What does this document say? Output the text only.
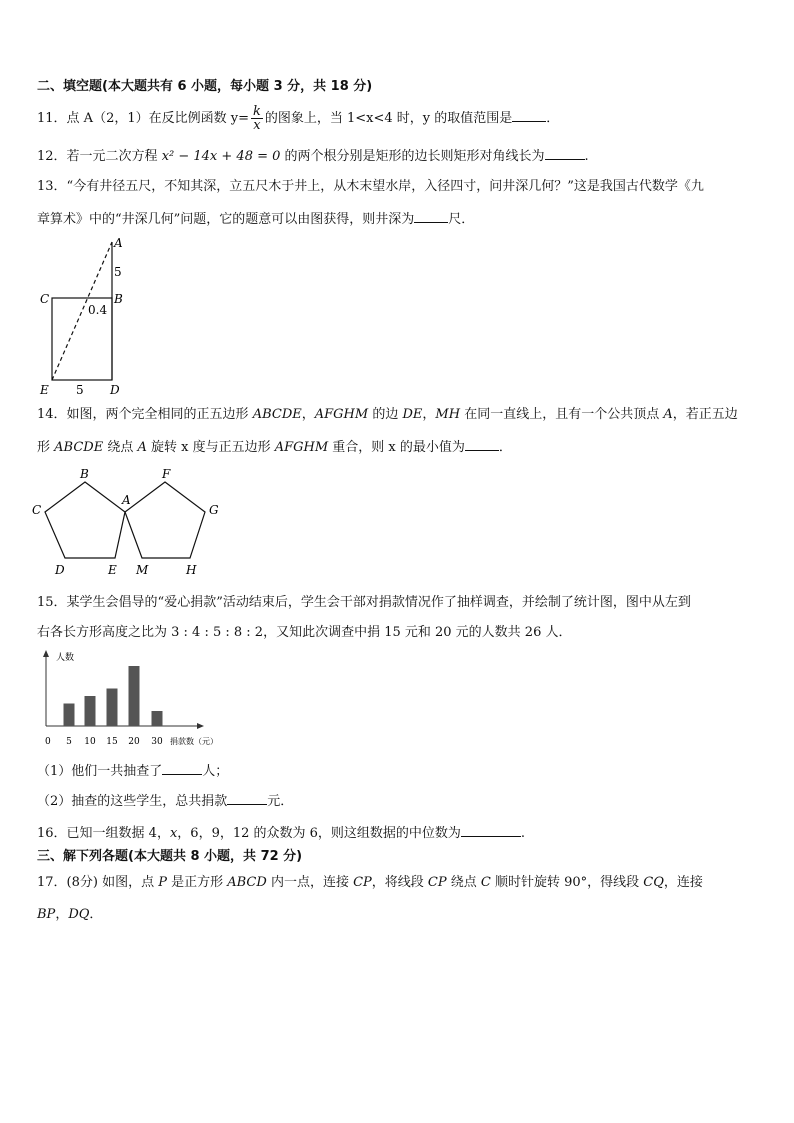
二、填空题(本大题共有 6 小题，每小题 3 分，共 18 分)
11．点 A（2，1）在反比例函数 $y= \frac{k}{x}$ 的图象上，当 1<x<4 时，y 的取值范围是	．
12．若一元二次方程 x² − 14x + 48 = 0 的两个根分别是矩形的边长则矩形对角线长为	.
13．“今有井径五尺，不知其深，立五尺木于井上，从木末望水岸，入径四寸，问井深几何？”这是我国古代数学《九
章算术》中的“井深几何”问题，它的题意可以由图获得，则井深为	尺．
A
5
B
C
0.4
E 5 D
14．如图，两个完全相同的正五边形 ABCDE，AFGHM 的边 DE，MH 在同一直线上，且有一个公共顶点 A，若正五边
形 ABCDE 绕点 A 旋转 x 度与正五边形 AFGHM 重合，则 x 的最小值为	．
B
A
F
C	G
D	E M	H
15．某学生会倡导的“爱心捐款”活动结束后，学生会干部对捐款情况作了抽样调查，并绘制了统计图，图中从左到
右各长方形高度之比为 3 : 4 : 5 : 8 : 2，又知此次调查中捐 15 元和 20 元的人数共 26 人．
人数
捐款数（元）
0 5 10 15 20 30
（1）他们一共抽查了	人；
（2）抽查的这些学生，总共捐款	元．
16．已知一组数据 4，x，6，9，12 的众数为 6，则这组数据的中位数为	.
三、解下列各题(本大题共 8 小题，共 72 分)
17．(8分) 如图，点 P 是正方形 ABCD 内一点，连接 CP，将线段 CP 绕点 C 顺时针旋转 90°，得线段 CQ，连接
BP，DQ．
